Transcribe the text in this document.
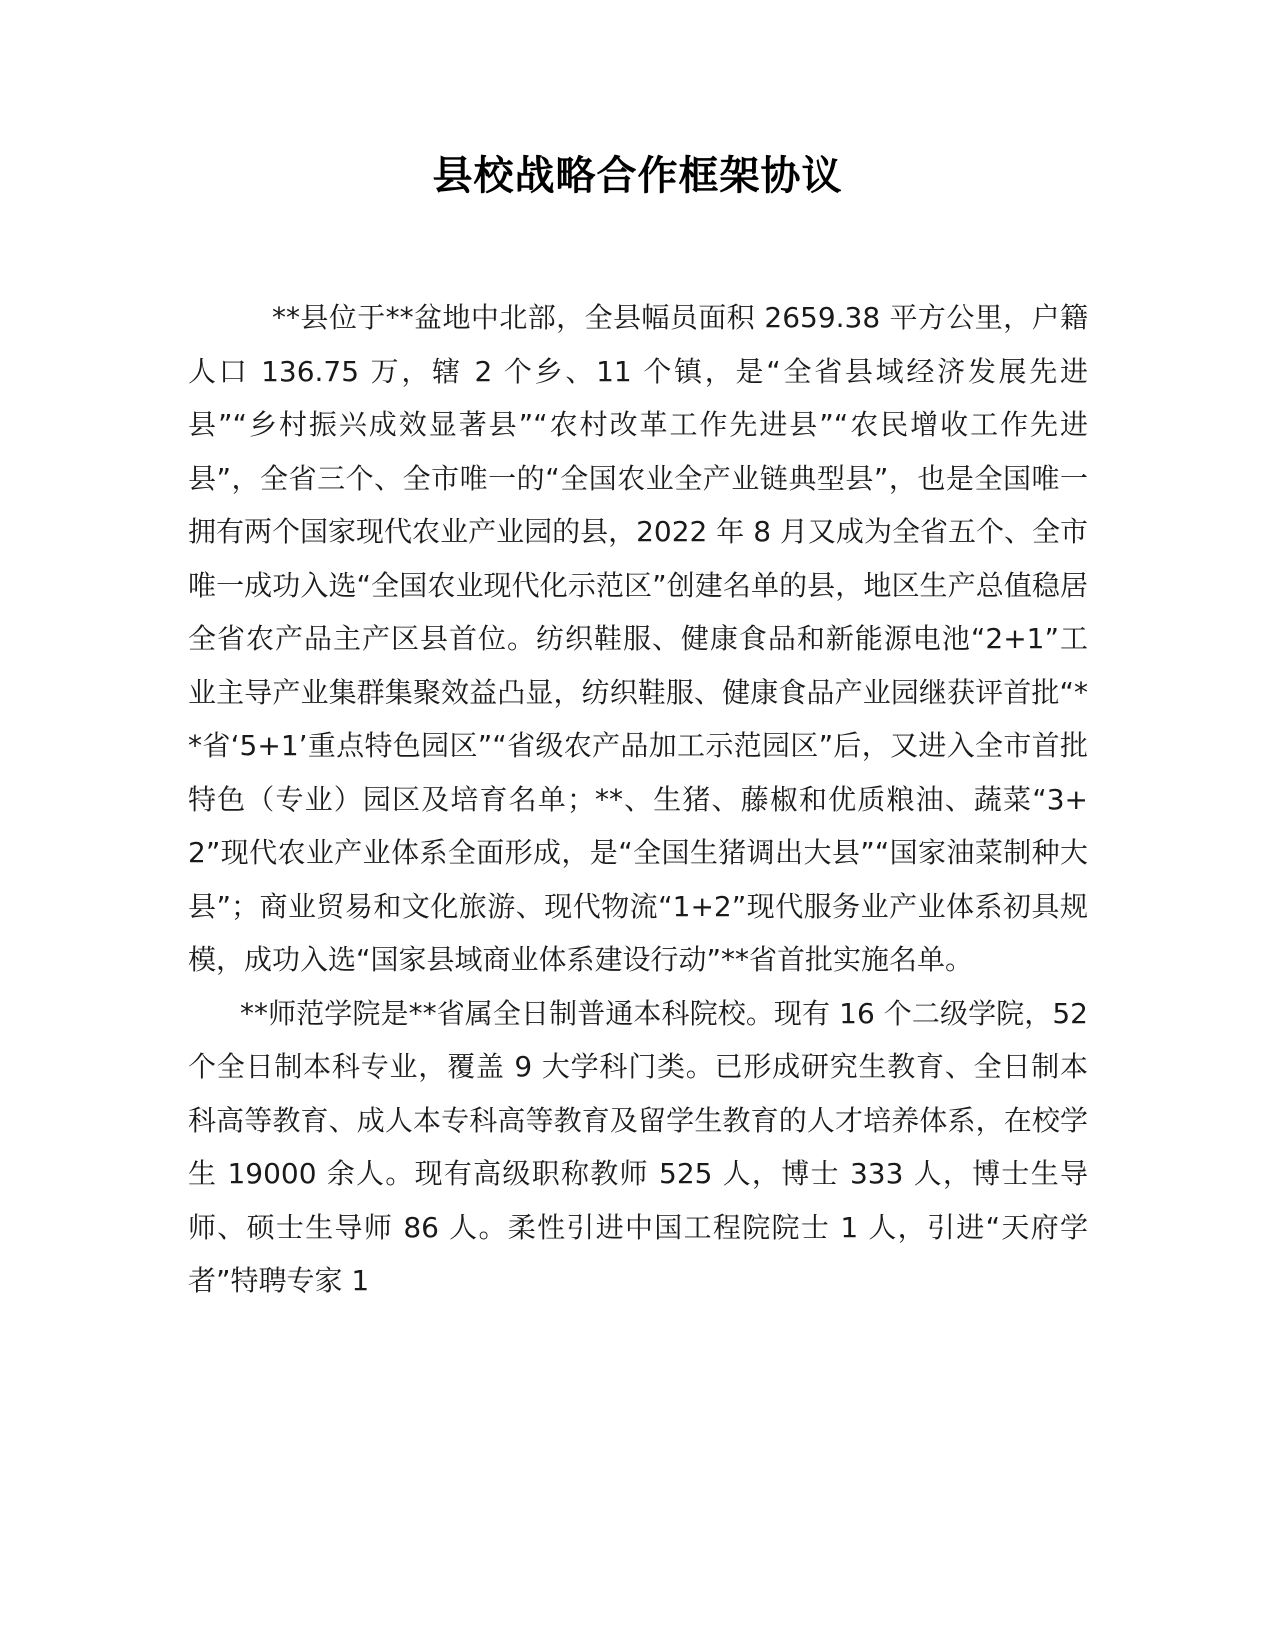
县校战略合作框架协议

**县位于**盆地中北部，全县幅员面积 2659.38 平方公里，户籍人口 136.75 万，辖 2 个乡、11 个镇，是“全省县域经济发展先进县”“乡村振兴成效显著县”“农村改革工作先进县”“农民增收工作先进县”，全省三个、全市唯一的“全国农业全产业链典型县”，也是全国唯一拥有两个国家现代农业产业园的县，2022 年 8 月又成为全省五个、全市唯一成功入选“全国农业现代化示范区”创建名单的县，地区生产总值稳居全省农产品主产区县首位。纺织鞋服、健康食品和新能源电池“2+1”工业主导产业集群集聚效益凸显，纺织鞋服、健康食品产业园继获评首批“**省‘5+1’重点特色园区”“省级农产品加工示范园区”后，又进入全市首批特色（专业）园区及培育名单；**、生猪、藤椒和优质粮油、蔬菜“3+2”现代农业产业体系全面形成，是“全国生猪调出大县”“国家油菜制种大县”；商业贸易和文化旅游、现代物流“1+2”现代服务业产业体系初具规模，成功入选“国家县域商业体系建设行动”**省首批实施名单。

**师范学院是**省属全日制普通本科院校。现有 16 个二级学院，52 个全日制本科专业，覆盖 9 大学科门类。已形成研究生教育、全日制本科高等教育、成人本专科高等教育及留学生教育的人才培养体系，在校学生 19000 余人。现有高级职称教师 525 人，博士 333 人，博士生导师、硕士生导师 86 人。柔性引进中国工程院院士 1 人，引进“天府学者”特聘专家 1
